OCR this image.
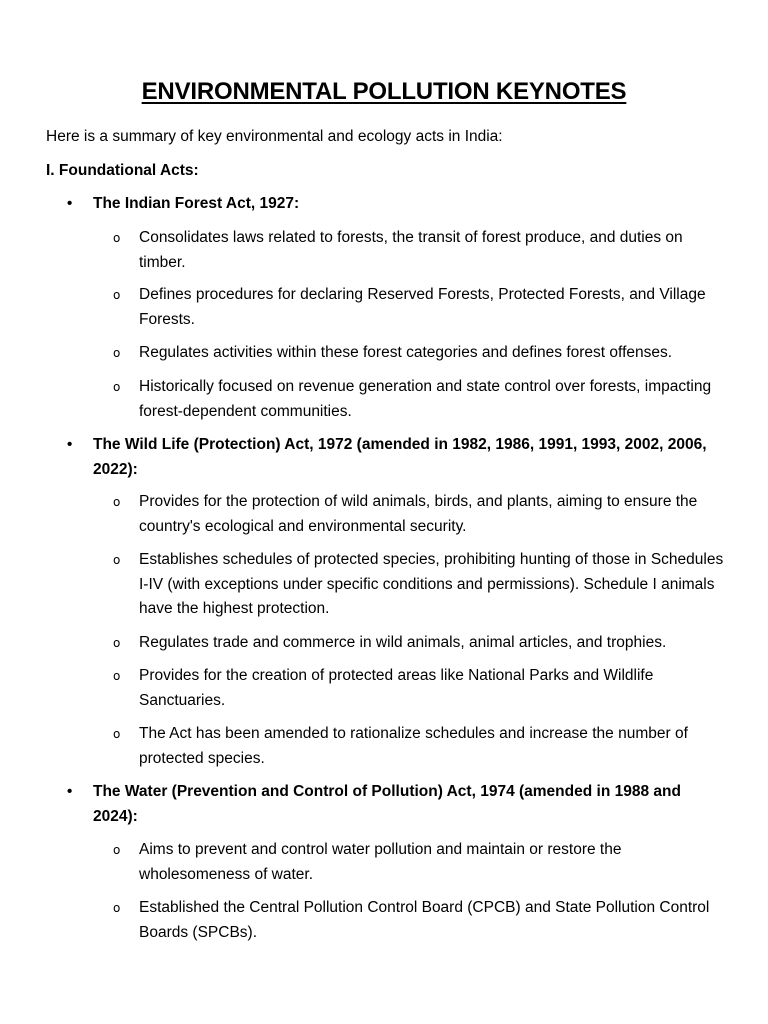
ENVIRONMENTAL POLLUTION KEYNOTES
Here is a summary of key environmental and ecology acts in India:
I. Foundational Acts:
• The Indian Forest Act, 1927:
o Consolidates laws related to forests, the transit of forest produce, and duties on timber.
o Defines procedures for declaring Reserved Forests, Protected Forests, and Village Forests.
o Regulates activities within these forest categories and defines forest offenses.
o Historically focused on revenue generation and state control over forests, impacting forest-dependent communities.
• The Wild Life (Protection) Act, 1972 (amended in 1982, 1986, 1991, 1993, 2002, 2006, 2022):
o Provides for the protection of wild animals, birds, and plants, aiming to ensure the country's ecological and environmental security.
o Establishes schedules of protected species, prohibiting hunting of those in Schedules I-IV (with exceptions under specific conditions and permissions). Schedule I animals have the highest protection.
o Regulates trade and commerce in wild animals, animal articles, and trophies.
o Provides for the creation of protected areas like National Parks and Wildlife Sanctuaries.
o The Act has been amended to rationalize schedules and increase the number of protected species.
• The Water (Prevention and Control of Pollution) Act, 1974 (amended in 1988 and 2024):
o Aims to prevent and control water pollution and maintain or restore the wholesomeness of water.
o Established the Central Pollution Control Board (CPCB) and State Pollution Control Boards (SPCBs).
